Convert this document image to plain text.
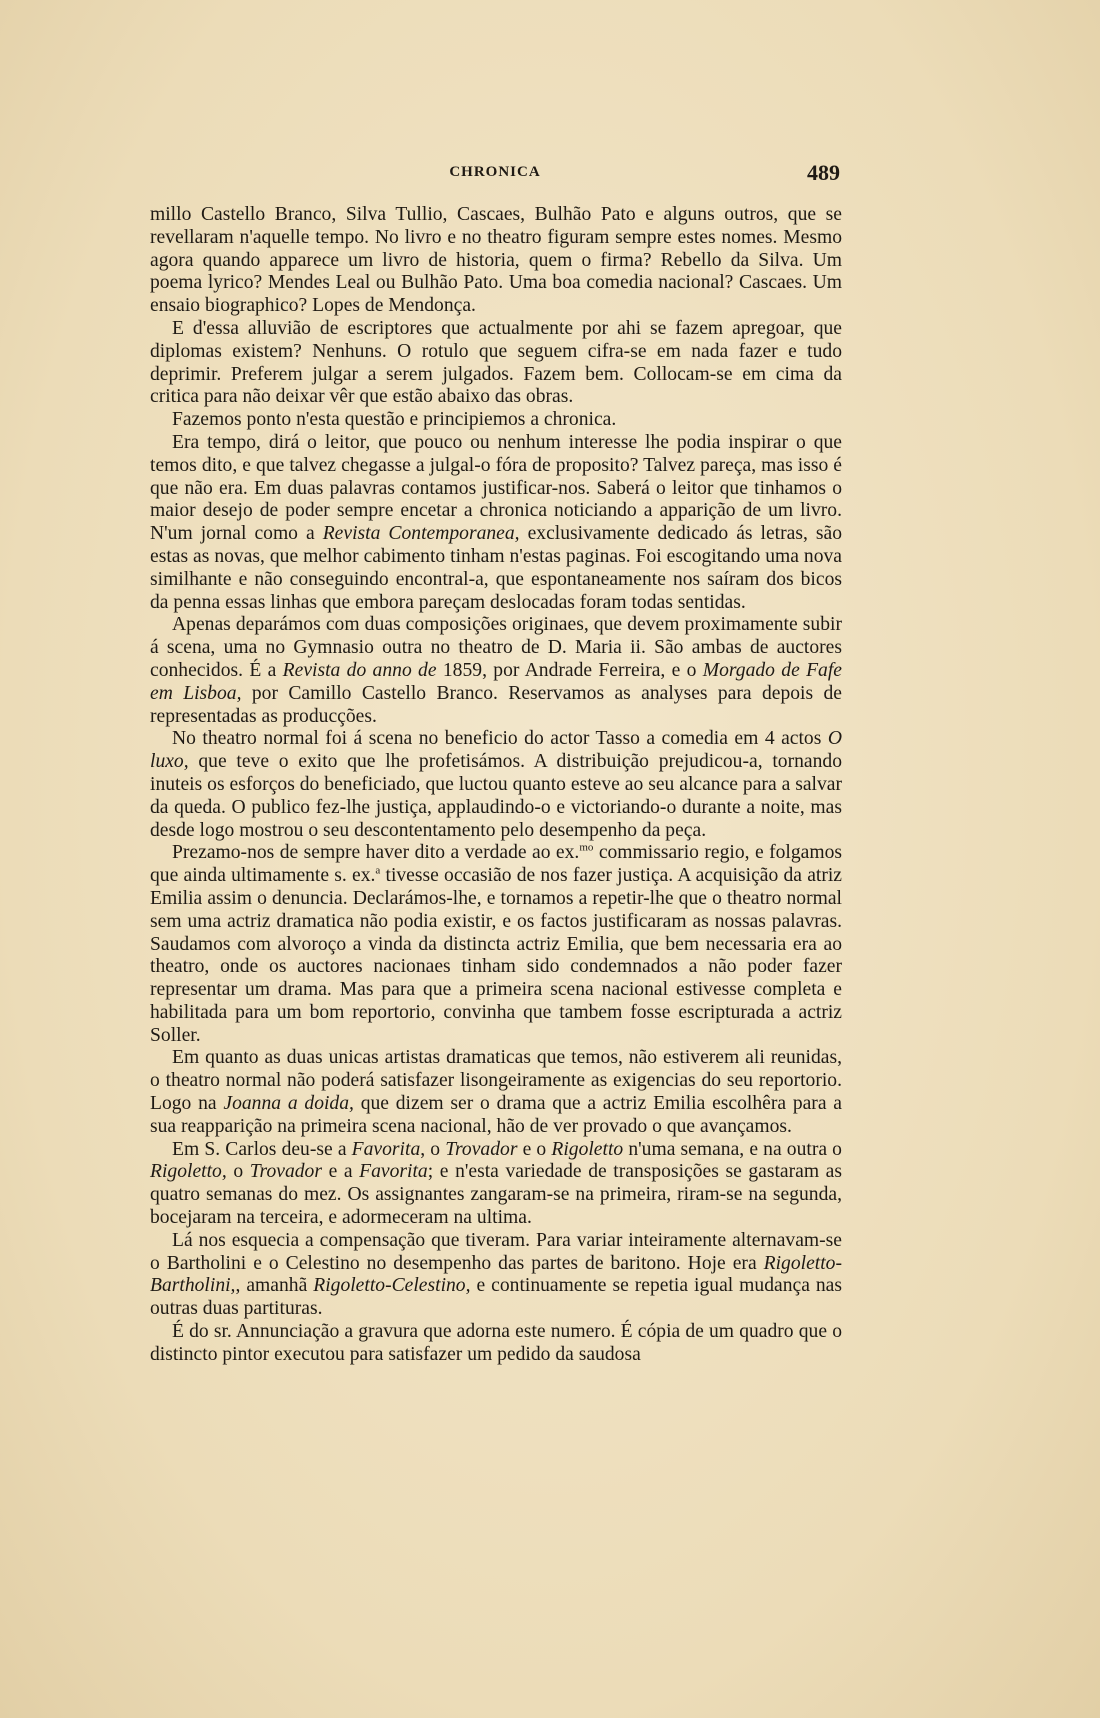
CHRONICA	489

millo Castello Branco, Silva Tullio, Cascaes, Bulhão Pato e alguns outros, que se revellaram n'aquelle tempo. No livro e no theatro figuram sempre estes nomes. Mesmo agora quando apparece um livro de historia, quem o firma? Rebello da Silva. Um poema lyrico? Mendes Leal ou Bulhão Pato. Uma boa comedia nacional? Cascaes. Um ensaio biographico? Lopes de Mendonça.

E d'essa alluvião de escriptores que actualmente por ahi se fazem apregoar, que diplomas existem? Nenhuns. O rotulo que seguem cifra-se em nada fazer e tudo deprimir. Preferem julgar a serem julgados. Fazem bem. Collocam-se em cima da critica para não deixar vêr que estão abaixo das obras.

Fazemos ponto n'esta questão e principiemos a chronica.

Era tempo, dirá o leitor, que pouco ou nenhum interesse lhe podia inspirar o que temos dito, e que talvez chegasse a julgal-o fóra de proposito? Talvez pareça, mas isso é que não era. Em duas palavras contamos justificar-nos. Saberá o leitor que tinhamos o maior desejo de poder sempre encetar a chronica noticiando a apparição de um livro. N'um jornal como a Revista Contemporanea, exclusivamente dedicado ás letras, são estas as novas, que melhor cabimento tinham n'estas paginas. Foi escogitando uma nova similhante e não conseguindo encontral-a, que espontaneamente nos saíram dos bicos da penna essas linhas que embora pareçam deslocadas foram todas sentidas.

Apenas deparámos com duas composições originaes, que devem proximamente subir á scena, uma no Gymnasio outra no theatro de D. Maria ii. São ambas de auctores conhecidos. É a Revista do anno de 1859, por Andrade Ferreira, e o Morgado de Fafe em Lisboa, por Camillo Castello Branco. Reservamos as analyses para depois de representadas as producções.

No theatro normal foi á scena no beneficio do actor Tasso a comedia em 4 actos O luxo, que teve o exito que lhe profetisámos. A distribuição prejudicou-a, tornando inuteis os esforços do beneficiado, que luctou quanto esteve ao seu alcance para a salvar da queda. O publico fez-lhe justiça, applaudindo-o e victoriando-o durante a noite, mas desde logo mostrou o seu descontentamento pelo desempenho da peça.

Prezamo-nos de sempre haver dito a verdade ao ex.$^{mo}$ commissario regio, e folgamos que ainda ultimamente s. ex.$^a$ tivesse occasião de nos fazer justiça. A acquisição da atriz Emilia assim o denuncia. Declarámos-lhe, e tornamos a repetir-lhe que o theatro normal sem uma actriz dramatica não podia existir, e os factos justificaram as nossas palavras. Saudamos com alvoroço a vinda da distincta actriz Emilia, que bem necessaria era ao theatro, onde os auctores nacionaes tinham sido condemnados a não poder fazer representar um drama. Mas para que a primeira scena nacional estivesse completa e habilitada para um bom reportorio, convinha que tambem fosse escripturada a actriz Soller.

Em quanto as duas unicas artistas dramaticas que temos, não estiverem ali reunidas, o theatro normal não poderá satisfazer lisongeiramente as exigencias do seu reportorio. Logo na Joanna a doida, que dizem ser o drama que a actriz Emilia escolhêra para a sua reapparição na primeira scena nacional, hão de ver provado o que avançamos.

Em S. Carlos deu-se a Favorita, o Trovador e o Rigoletto n'uma semana, e na outra o Rigoletto, o Trovador e a Favorita; e n'esta variedade de transposições se gastaram as quatro semanas do mez. Os assignantes zangaram-se na primeira, riram-se na segunda, bocejaram na terceira, e adormeceram na ultima.

Lá nos esquecia a compensação que tiveram. Para variar inteiramente alternavam-se o Bartholini e o Celestino no desempenho das partes de baritono. Hoje era Rigoletto-Bartholini,, amanhã Rigoletto-Celestino, e continuamente se repetia igual mudança nas outras duas partituras.

É do sr. Annunciação a gravura que adorna este numero. É cópia de um quadro que o distincto pintor executou para satisfazer um pedido da saudosa
